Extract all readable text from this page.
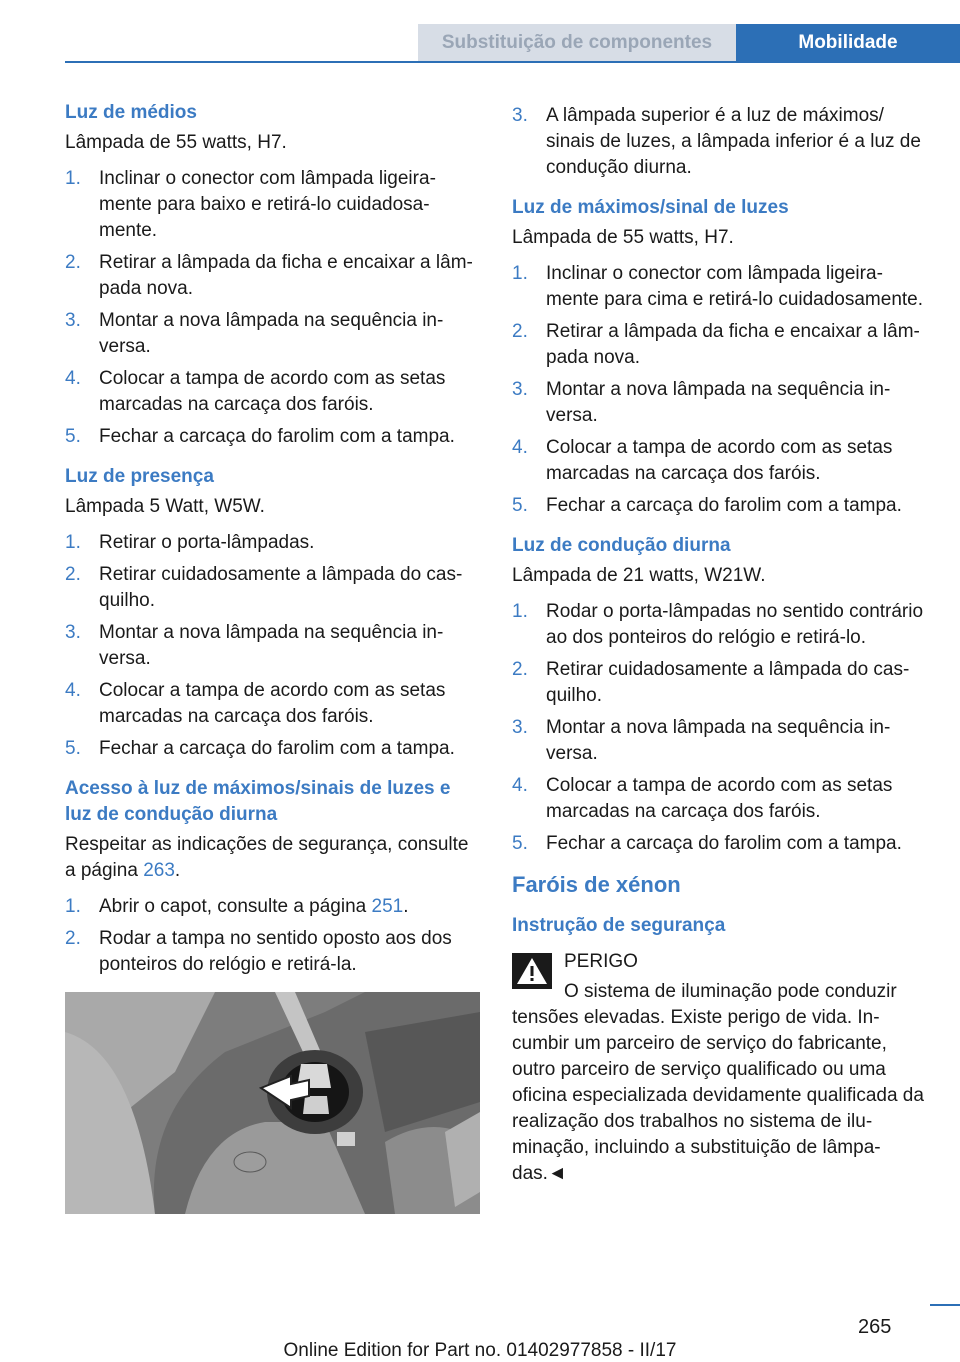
Substituição de componentes	Mobilidade
Luz de médios

Lâmpada de 55 watts, H7.

1. Inclinar o conector com lâmpada ligeiramente para baixo e retirá-lo cuidadosamente.
2. Retirar a lâmpada da ficha e encaixar a lâmpada nova.
3. Montar a nova lâmpada na sequência inversa.
4. Colocar a tampa de acordo com as setas marcadas na carcaça dos faróis.
5. Fechar a carcaça do farolim com a tampa.
Luz de presença

Lâmpada 5 Watt, W5W.

1. Retirar o porta-lâmpadas.
2. Retirar cuidadosamente a lâmpada do casquilho.
3. Montar a nova lâmpada na sequência inversa.
4. Colocar a tampa de acordo com as setas marcadas na carcaça dos faróis.
5. Fechar a carcaça do farolim com a tampa.
Acesso à luz de máximos/sinais de luzes e luz de condução diurna

Respeitar as indicações de segurança, consulte a página 263.

1. Abrir o capot, consulte a página 251.
2. Rodar a tampa no sentido oposto aos dos ponteiros do relógio e retirá-la.
3. A lâmpada superior é a luz de máximos/ sinais de luzes, a lâmpada inferior é a luz de condução diurna.
Luz de máximos/sinal de luzes

Lâmpada de 55 watts, H7.

1. Inclinar o conector com lâmpada ligeiramente para cima e retirá-lo cuidadosamente.
2. Retirar a lâmpada da ficha e encaixar a lâmpada nova.
3. Montar a nova lâmpada na sequência inversa.
4. Colocar a tampa de acordo com as setas marcadas na carcaça dos faróis.
5. Fechar a carcaça do farolim com a tampa.
Luz de condução diurna

Lâmpada de 21 watts, W21W.

1. Rodar o porta-lâmpadas no sentido contrário ao dos ponteiros do relógio e retirá-lo.
2. Retirar cuidadosamente a lâmpada do casquilho.
3. Montar a nova lâmpada na sequência inversa.
4. Colocar a tampa de acordo com as setas marcadas na carcaça dos faróis.
5. Fechar a carcaça do farolim com a tampa.
Faróis de xénon
Instrução de segurança
PERIGO
O sistema de iluminação pode conduzir tensões elevadas. Existe perigo de vida. Incumbir um parceiro de serviço do fabricante, outro parceiro de serviço qualificado ou uma oficina especializada devidamente qualificada da realização dos trabalhos no sistema de iluminação, incluindo a substituição de lâmpadas.◄
265
Online Edition for Part no. 01402977858 - II/17
